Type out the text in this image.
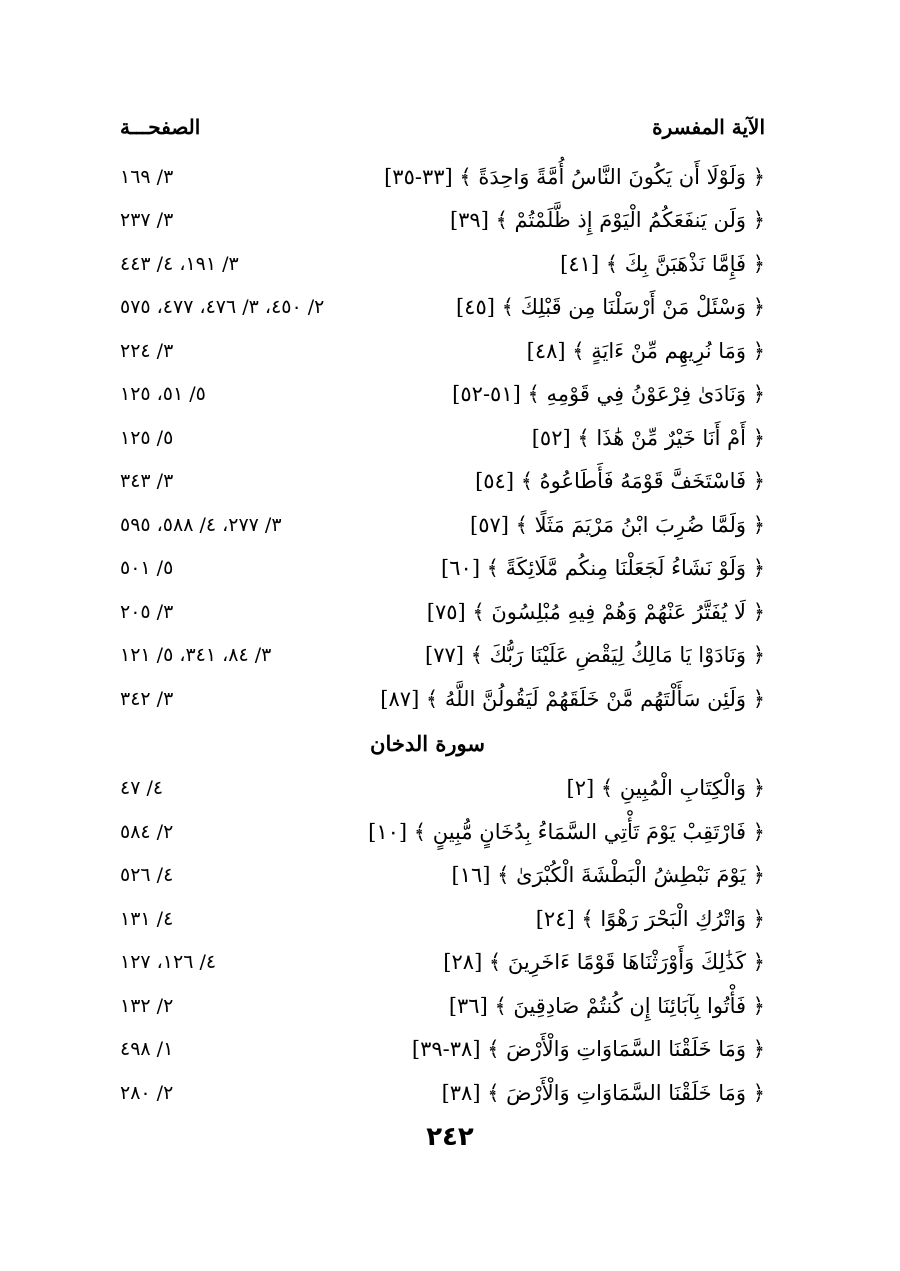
الآية المفسرة
الصفحـــة
﴿ وَلَوْلَا أَن يَكُونَ النَّاسُ أُمَّةً وَاحِدَةً ﴾ [٣٣-٣٥]
٣/ ١٦٩
﴿ وَلَن يَنفَعَكُمُ الْيَوْمَ إِذ ظَّلَمْتُمْ ﴾ [٣٩]
٣/ ٢٣٧
﴿ فَإِمَّا نَذْهَبَنَّ بِكَ ﴾ [٤١]
٣/ ١٩١، ٤/ ٤٤٣
﴿ وَسْئَلْ مَنْ أَرْسَلْنَا مِن قَبْلِكَ ﴾ [٤٥]
٢/ ٤٥٠، ٣/ ٤٧٦، ٤٧٧، ٥٧٥
﴿ وَمَا نُرِيهِم مِّنْ ءَايَةٍ ﴾ [٤٨]
٣/ ٢٢٤
﴿ وَنَادَىٰ فِرْعَوْنُ فِي قَوْمِهِ ﴾ [٥١-٥٢]
٥/ ٥١، ١٢٥
﴿ أَمْ أَنَا خَيْرٌ مِّنْ هَٰذَا ﴾ [٥٢]
٥/ ١٢٥
﴿ فَاسْتَخَفَّ قَوْمَهُ فَأَطَاعُوهُ ﴾ [٥٤]
٣/ ٣٤٣
﴿ وَلَمَّا ضُرِبَ ابْنُ مَرْيَمَ مَثَلًا ﴾ [٥٧]
٣/ ٢٧٧، ٤/ ٥٨٨، ٥٩٥
﴿ وَلَوْ نَشَاءُ لَجَعَلْنَا مِنكُم مَّلَائِكَةً ﴾ [٦٠]
٥/ ٥٠١
﴿ لَا يُفَتَّرُ عَنْهُمْ وَهُمْ فِيهِ مُبْلِسُونَ ﴾ [٧٥]
٣/ ٢٠٥
﴿ وَنَادَوْا يَا مَالِكُ لِيَقْضِ عَلَيْنَا رَبُّكَ ﴾ [٧٧]
٣/ ٨٤، ٣٤١، ٥/ ١٢١
﴿ وَلَئِن سَأَلْتَهُم مَّنْ خَلَقَهُمْ لَيَقُولُنَّ اللَّهُ ﴾ [٨٧]
٣/ ٣٤٢
سورة الدخان
﴿ وَالْكِتَابِ الْمُبِينِ ﴾ [٢]
٤/ ٤٧
﴿ فَارْتَقِبْ يَوْمَ تَأْتِي السَّمَاءُ بِدُخَانٍ مُّبِينٍ ﴾ [١٠]
٢/ ٥٨٤
﴿ يَوْمَ نَبْطِشُ الْبَطْشَةَ الْكُبْرَىٰ ﴾ [١٦]
٤/ ٥٢٦
﴿ وَاتْرُكِ الْبَحْرَ رَهْوًا ﴾ [٢٤]
٤/ ١٣١
﴿ كَذَٰلِكَ وَأَوْرَثْنَاهَا قَوْمًا ءَاخَرِينَ ﴾ [٢٨]
٤/ ١٢٦، ١٢٧
﴿ فَأْتُوا بِآبَائِنَا إِن كُنتُمْ صَادِقِينَ ﴾ [٣٦]
٢/ ١٣٢
﴿ وَمَا خَلَقْنَا السَّمَاوَاتِ وَالْأَرْضَ ﴾ [٣٨-٣٩]
١/ ٤٩٨
﴿ وَمَا خَلَقْنَا السَّمَاوَاتِ وَالْأَرْضَ ﴾ [٣٨]
٢/ ٢٨٠
٢٤٢
